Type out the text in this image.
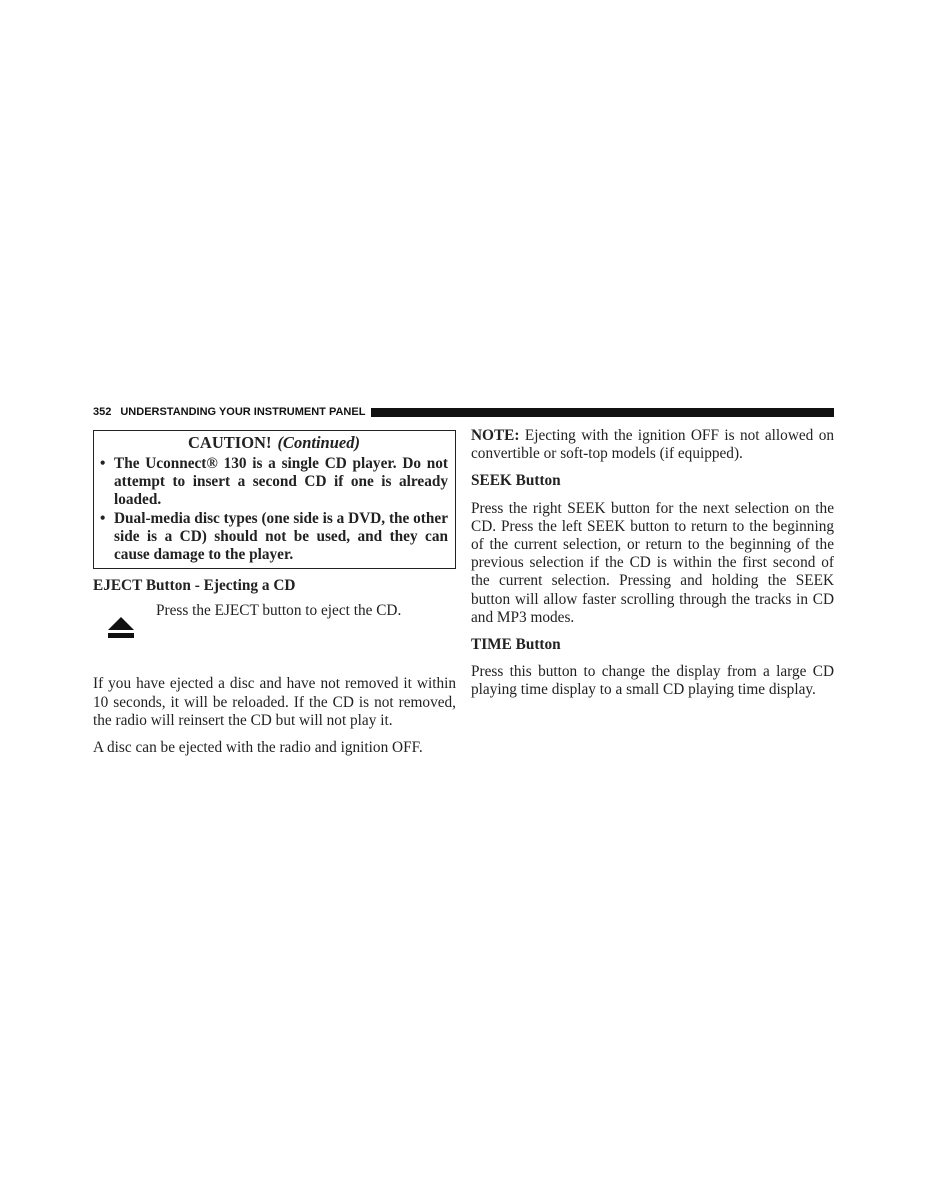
352 UNDERSTANDING YOUR INSTRUMENT PANEL
CAUTION! (Continued)
• The Uconnect® 130 is a single CD player. Do not attempt to insert a second CD if one is already loaded.
• Dual-media disc types (one side is a DVD, the other side is a CD) should not be used, and they can cause damage to the player.

EJECT Button - Ejecting a CD

Press the EJECT button to eject the CD.

If you have ejected a disc and have not removed it within 10 seconds, it will be reloaded. If the CD is not removed, the radio will reinsert the CD but will not play it.

A disc can be ejected with the radio and ignition OFF.

NOTE: Ejecting with the ignition OFF is not allowed on convertible or soft-top models (if equipped).

SEEK Button

Press the right SEEK button for the next selection on the CD. Press the left SEEK button to return to the beginning of the current selection, or return to the beginning of the previous selection if the CD is within the first second of the current selection. Pressing and holding the SEEK button will allow faster scrolling through the tracks in CD and MP3 modes.

TIME Button

Press this button to change the display from a large CD playing time display to a small CD playing time display.
